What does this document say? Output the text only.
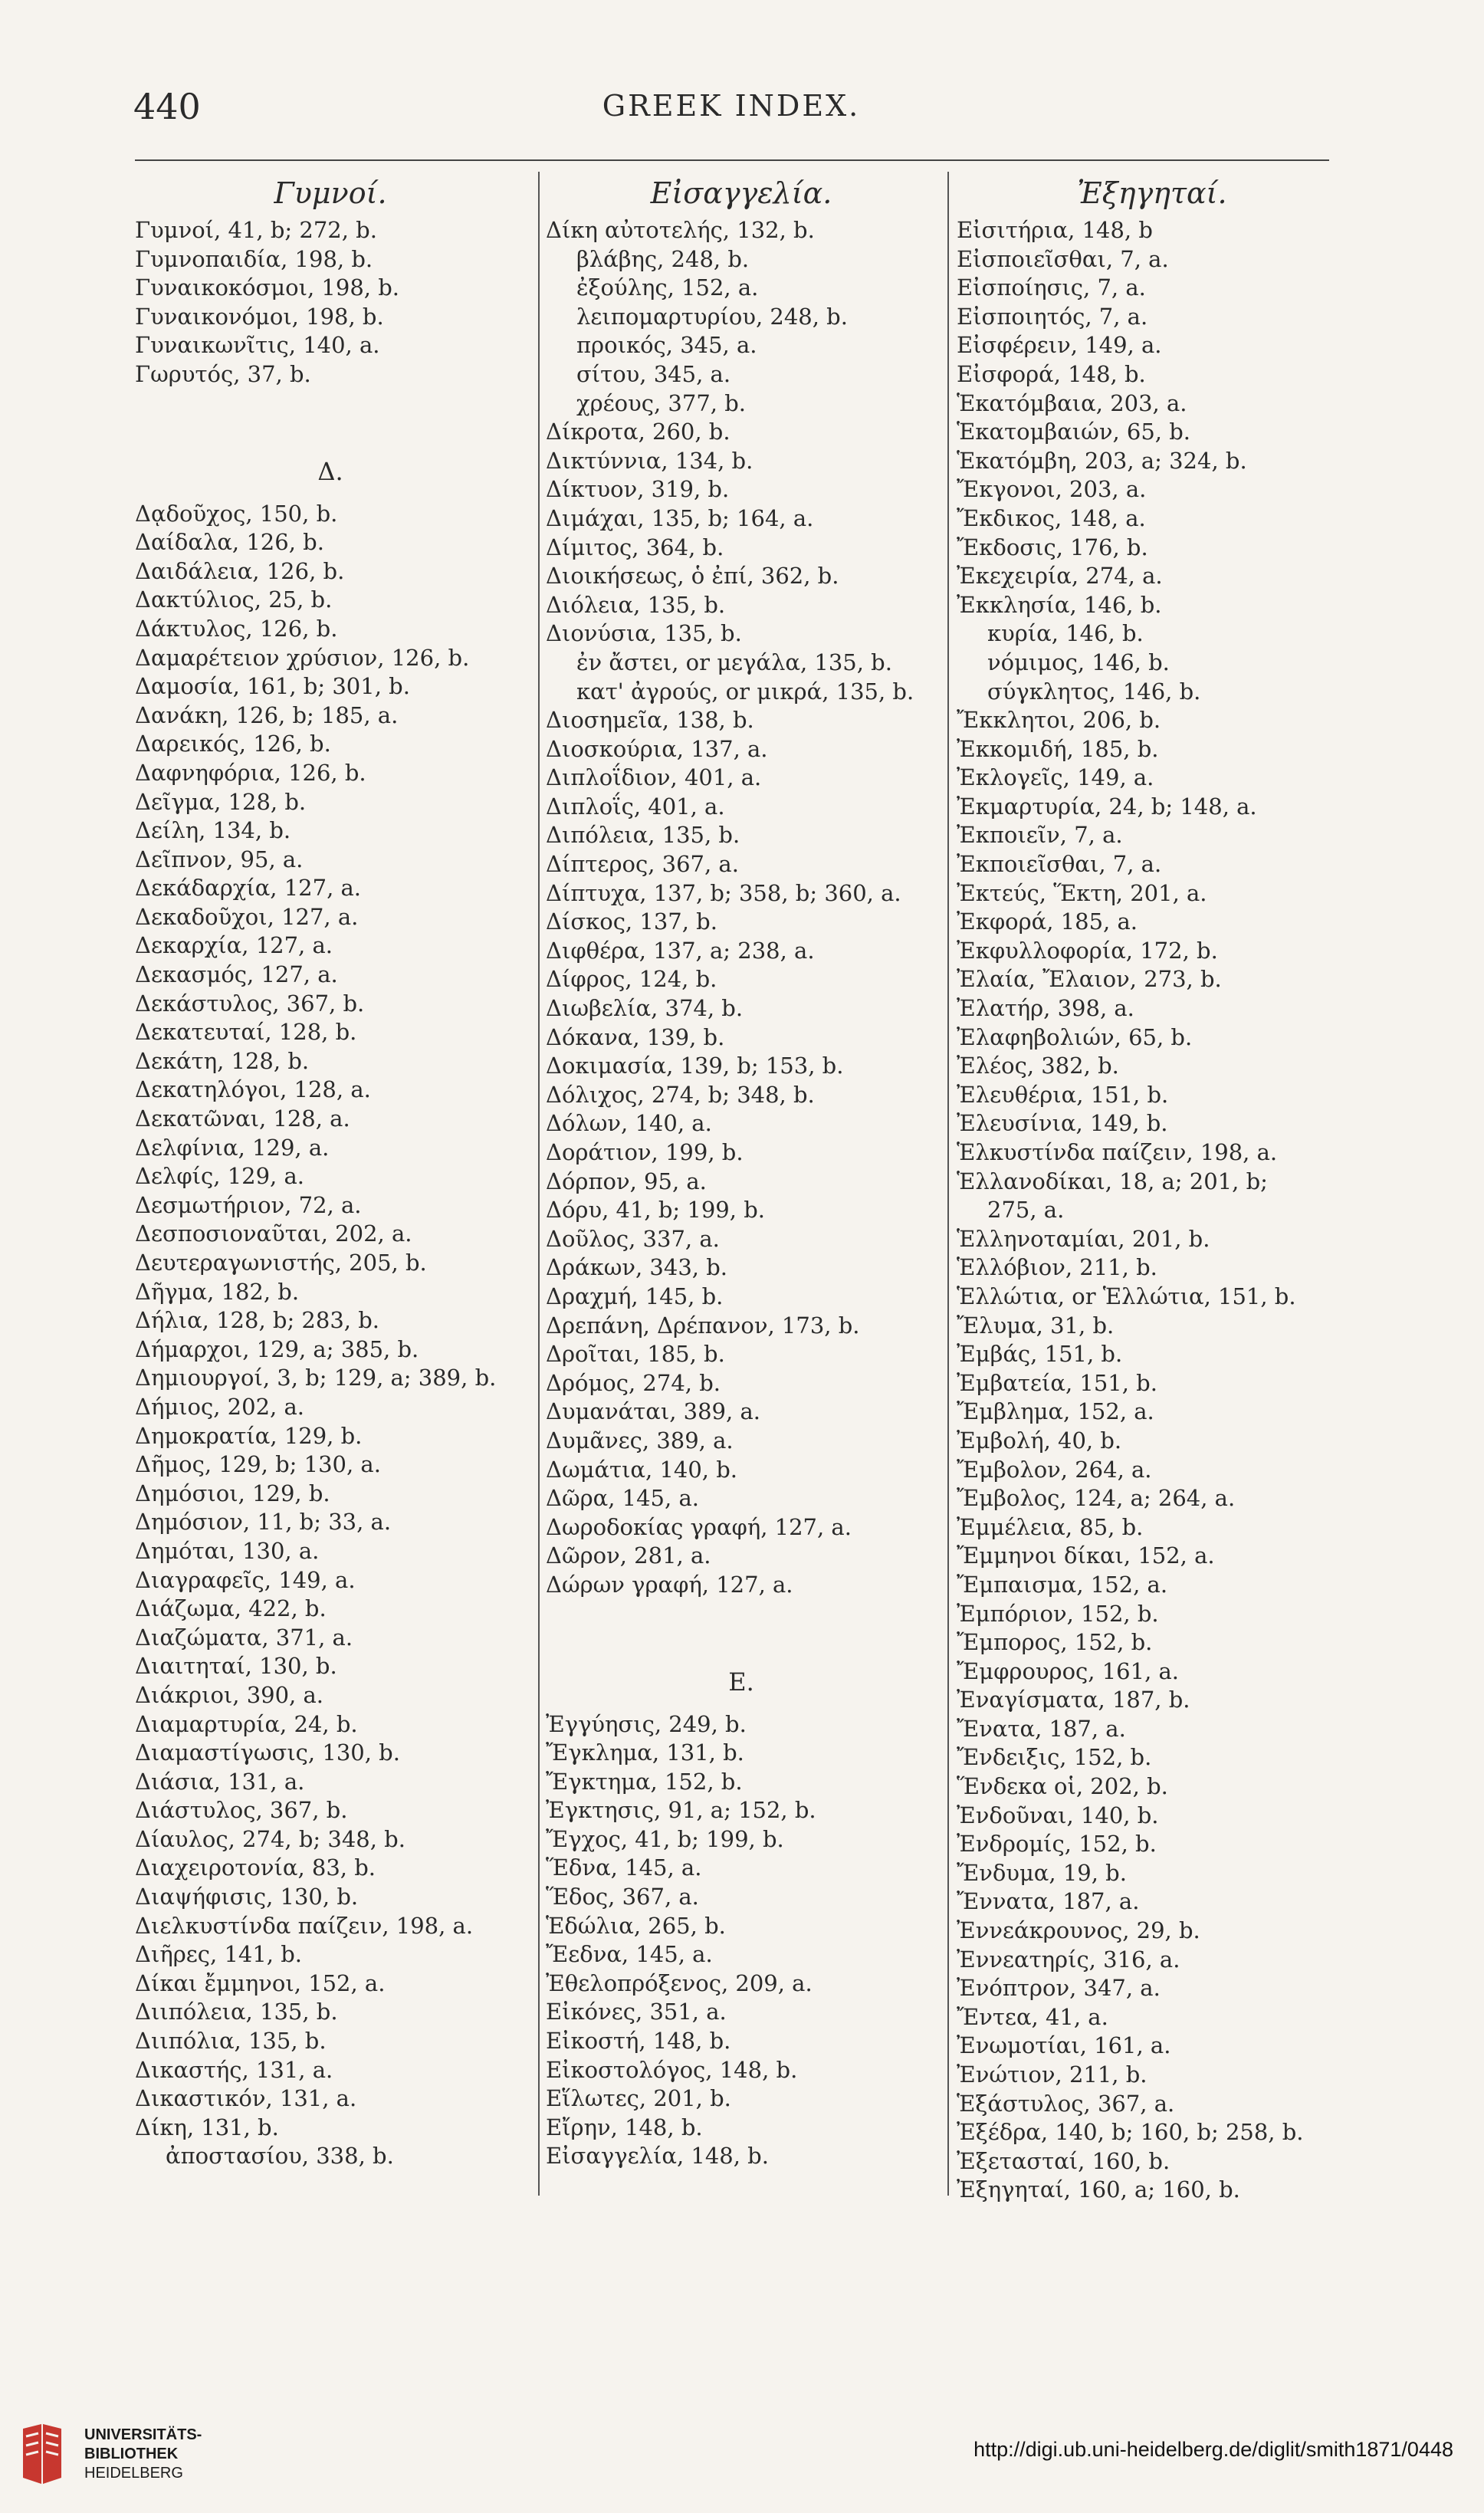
440	GREEK INDEX.
Γυμνοί.
Γυμνοί, 41, b; 272, b.
Γυμνοπαιδία, 198, b.
Γυναικοκόσμοι, 198, b.
Γυναικονόμοι, 198, b.
Γυναικωνῖτις, 140, a.
Γωρυτός, 37, b.
Δ.
Δᾳδοῦχος, 150, b.
Δαίδαλα, 126, b.
Δαιδάλεια, 126, b.
Δακτύλιος, 25, b.
Δάκτυλος, 126, b.
Δαμαρέτειον χρύσιον, 126, b.
Δαμοσία, 161, b; 301, b.
Δανάκη, 126, b; 185, a.
Δαρεικός, 126, b.
Δαφνηφόρια, 126, b.
Δεῖγμα, 128, b.
Δείλη, 134, b.
Δεῖπνον, 95, a.
Δεκάδαρχία, 127, a.
Δεκαδοῦχοι, 127, a.
Δεκαρχία, 127, a.
Δεκασμός, 127, a.
Δεκάστυλος, 367, b.
Δεκατευταί, 128, b.
Δεκάτη, 128, b.
Δεκατηλόγοι, 128, a.
Δεκατῶναι, 128, a.
Δελφίνια, 129, a.
Δελφίς, 129, a.
Δεσμωτήριον, 72, a.
Δεσποσιοναῦται, 202, a.
Δευτεραγωνιστής, 205, b.
Δῆγμα, 182, b.
Δήλια, 128, b; 283, b.
Δήμαρχοι, 129, a; 385, b.
Δημιουργοί, 3, b; 129, a; 389, b.
Δήμιος, 202, a.
Δημοκρατία, 129, b.
Δῆμος, 129, b; 130, a.
Δημόσιοι, 129, b.
Δημόσιον, 11, b; 33, a.
Δημόται, 130, a.
Διαγραφεῖς, 149, a.
Διάζωμα, 422, b.
Διαζώματα, 371, a.
Διαιτηταί, 130, b.
Διάκριοι, 390, a.
Διαμαρτυρία, 24, b.
Διαμαστίγωσις, 130, b.
Διάσια, 131, a.
Διάστυλος, 367, b.
Δίαυλος, 274, b; 348, b.
Διαχειροτονία, 83, b.
Διαψήφισις, 130, b.
Διελκυστίνδα παίζειν, 198, a.
Διῆρες, 141, b.
Δίκαι ἔμμηνοι, 152, a.
Διιπόλεια, 135, b.
Διιπόλια, 135, b.
Δικαστής, 131, a.
Δικαστικόν, 131, a.
Δίκη, 131, b.
ἀποστασίου, 338, b.
Εἰσαγγελία.
Δίκη αὐτοτελής, 132, b.
βλάβης, 248, b.
ἐξούλης, 152, a.
λειπομαρτυρίου, 248, b.
προικός, 345, a.
σίτου, 345, a.
χρέους, 377, b.
Δίκροτα, 260, b.
Δικτύννια, 134, b.
Δίκτυον, 319, b.
Διμάχαι, 135, b; 164, a.
Δίμιτος, 364, b.
Διοικήσεως, ὁ ἐπί, 362, b.
Διόλεια, 135, b.
Διονύσια, 135, b.
ἐν ἄστει, or μεγάλα, 135, b.
κατ' ἀγρούς, or μικρά, 135, b.
Διοσημεῖα, 138, b.
Διοσκούρια, 137, a.
Διπλοΐδιον, 401, a.
Διπλοΐς, 401, a.
Διπόλεια, 135, b.
Δίπτερος, 367, a.
Δίπτυχα, 137, b; 358, b; 360, a.
Δίσκος, 137, b.
Διφθέρα, 137, a; 238, a.
Δίφρος, 124, b.
Διωβελία, 374, b.
Δόκανα, 139, b.
Δοκιμασία, 139, b; 153, b.
Δόλιχος, 274, b; 348, b.
Δόλων, 140, a.
Δοράτιον, 199, b.
Δόρπον, 95, a.
Δόρυ, 41, b; 199, b.
Δοῦλος, 337, a.
Δράκων, 343, b.
Δραχμή, 145, b.
Δρεπάνη, Δρέπανον, 173, b.
Δροῖται, 185, b.
Δρόμος, 274, b.
Δυμανάται, 389, a.
Δυμᾶνες, 389, a.
Δωμάτια, 140, b.
Δῶρα, 145, a.
Δωροδοκίας γραφή, 127, a.
Δῶρον, 281, a.
Δώρων γραφή, 127, a.
E.
Ἐγγύησις, 249, b.
Ἔγκλημα, 131, b.
Ἔγκτημα, 152, b.
Ἐγκτησις, 91, a; 152, b.
Ἔγχος, 41, b; 199, b.
Ἕδνα, 145, a.
Ἕδος, 367, a.
Ἑδώλια, 265, b.
Ἔεδνα, 145, a.
Ἐθελοπρόξενος, 209, a.
Εἰκόνες, 351, a.
Εἰκοστή, 148, b.
Εἰκοστολόγος, 148, b.
Εἵλωτες, 201, b.
Εἴρην, 148, b.
Εἰσαγγελία, 148, b.
Ἐξηγηταί.
Εἰσιτήρια, 148, b
Εἰσποιεῖσθαι, 7, a.
Εἰσποίησις, 7, a.
Εἰσποιητός, 7, a.
Εἰσφέρειν, 149, a.
Εἰσφορά, 148, b.
Ἑκατόμβαια, 203, a.
Ἑκατομβαιών, 65, b.
Ἑκατόμβη, 203, a; 324, b.
Ἔκγονοι, 203, a.
Ἔκδικος, 148, a.
Ἔκδοσις, 176, b.
Ἐκεχειρία, 274, a.
Ἐκκλησία, 146, b.
κυρία, 146, b.
νόμιμος, 146, b.
σύγκλητος, 146, b.
Ἔκκλητοι, 206, b.
Ἐκκομιδή, 185, b.
Ἐκλογεῖς, 149, a.
Ἐκμαρτυρία, 24, b; 148, a.
Ἐκποιεῖν, 7, a.
Ἐκποιεῖσθαι, 7, a.
Ἐκτεύς, Ἕκτη, 201, a.
Ἐκφορά, 185, a.
Ἐκφυλλοφορία, 172, b.
Ἐλαία, Ἔλαιον, 273, b.
Ἐλατήρ, 398, a.
Ἐλαφηβολιών, 65, b.
Ἐλέος, 382, b.
Ἐλευθέρια, 151, b.
Ἐλευσίνια, 149, b.
Ἑλκυστίνδα παίζειν, 198, a.
Ἑλλανοδίκαι, 18, a; 201, b;
275, a.
Ἑλληνοταμίαι, 201, b.
Ἑλλόβιον, 211, b.
Ἑλλώτια, or Ἑλλώτια, 151, b.
Ἔλυμα, 31, b.
Ἐμβάς, 151, b.
Ἐμβατεία, 151, b.
Ἔμβλημα, 152, a.
Ἐμβολή, 40, b.
Ἔμβολον, 264, a.
Ἔμβολος, 124, a; 264, a.
Ἐμμέλεια, 85, b.
Ἔμμηνοι δίκαι, 152, a.
Ἔμπαισμα, 152, a.
Ἐμπόριον, 152, b.
Ἔμπορος, 152, b.
Ἔμφρουρος, 161, a.
Ἐναγίσματα, 187, b.
Ἔνατα, 187, a.
Ἔνδειξις, 152, b.
Ἕνδεκα οἱ, 202, b.
Ἐνδοῦναι, 140, b.
Ἐνδρομίς, 152, b.
Ἔνδυμα, 19, b.
Ἔννατα, 187, a.
Ἐννεάκρουνος, 29, b.
Ἐννεατηρίς, 316, a.
Ἐνόπτρον, 347, a.
Ἔντεα, 41, a.
Ἐνωμοτίαι, 161, a.
Ἐνώτιον, 211, b.
Ἑξάστυλος, 367, a.
Ἐξέδρα, 140, b; 160, b; 258, b.
Ἐξετασταί, 160, b.
Ἐξηγηταί, 160, a; 160, b.
UNIVERSITÄTS-
BIBLIOTHEK
HEIDELBERG
http://digi.ub.uni-heidelberg.de/diglit/smith1871/0448
